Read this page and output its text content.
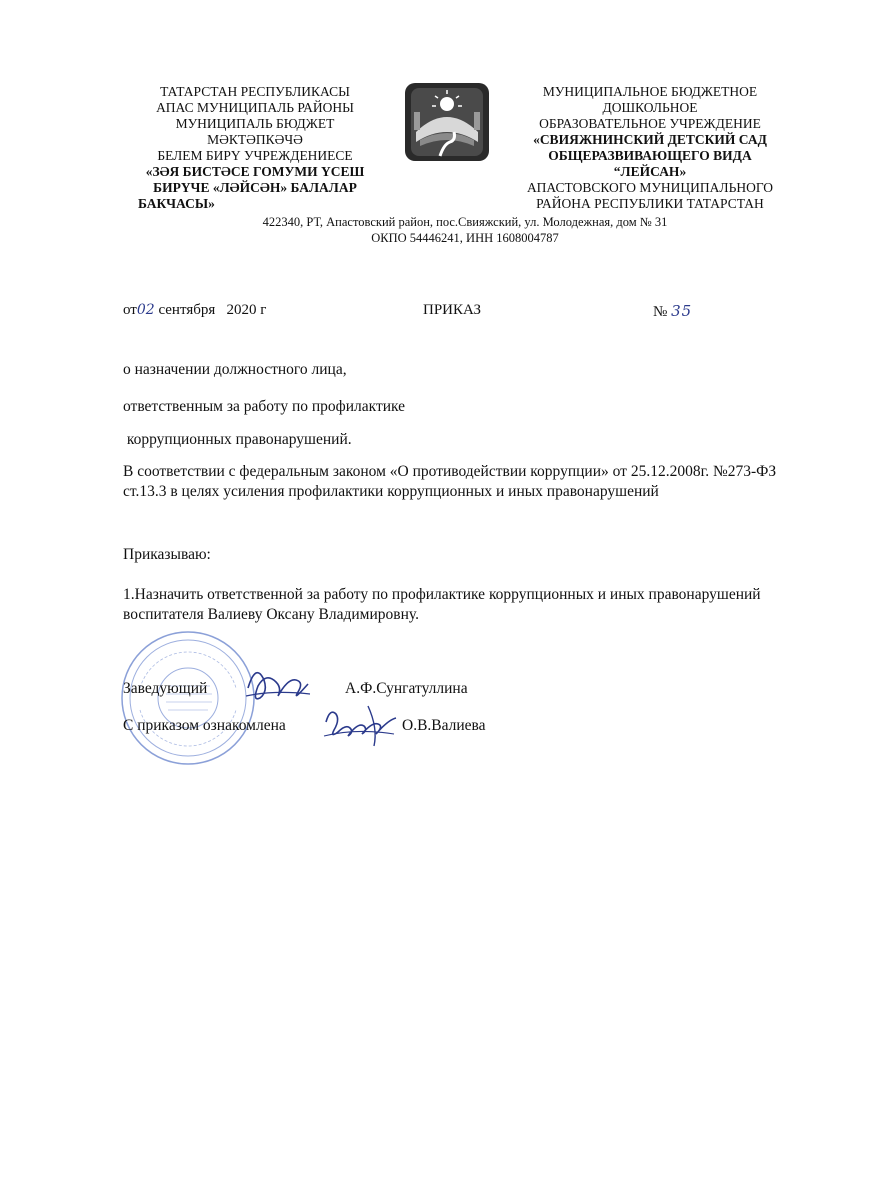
ТАТАРСТАН РЕСПУБЛИКАСЫ
АПАС МУНИЦИПАЛЬ РАЙОНЫ
МУНИЦИПАЛЬ БЮДЖЕТ
МӘКТӘПКӘЧӘ
БЕЛЕМ БИРҮ УЧРЕЖДЕНИЕСЕ
«ЗӘЯ БИСТӘСЕ ГОМУМИ ҮСЕШ
БИРҮЧЕ «ЛӘЙСӘН» БАЛАЛАР
БАКЧАСЫ»
МУНИЦИПАЛЬНОЕ БЮДЖЕТНОЕ
ДОШКОЛЬНОЕ
ОБРАЗОВАТЕЛЬНОЕ УЧРЕЖДЕНИЕ
«СВИЯЖНИНСКИЙ ДЕТСКИЙ САД
ОБЩЕРАЗВИВАЮЩЕГО ВИДА
“ЛЕЙСАН»
АПАСТОВСКОГО МУНИЦИПАЛЬНОГО
РАЙОНА РЕСПУБЛИКИ ТАТАРСТАН
422340, РТ, Апастовский район, пос.Свияжский, ул. Молодежная, дом № 31
ОКПО 54446241, ИНН 1608004787
от02 сентября   2020 г	ПРИКАЗ	№ 35
о назначении должностного лица,
ответственным за работу по профилактике
коррупционных правонарушений.
В соответствии с федеральным законом «О противодействии коррупции» от 25.12.2008г. №273-ФЗ ст.13.3 в целях усиления профилактики коррупционных и иных правонарушений
Приказываю:
1.Назначить ответственной за работу по профилактике коррупционных и иных правонарушений воспитателя Валиеву Оксану Владимировну.
Заведующий	А.Ф.Сунгатуллина
С приказом ознакомлена	О.В.Валиева
